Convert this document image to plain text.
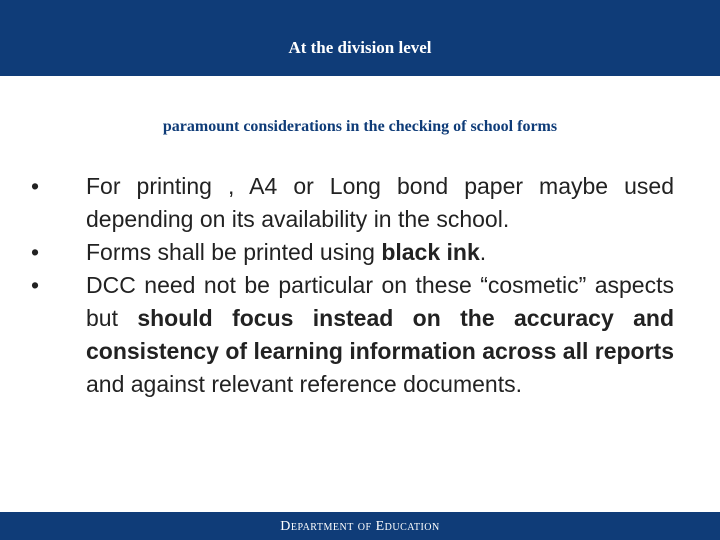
At the division level
paramount considerations in the checking of school forms
• For printing , A4 or Long bond paper maybe used depending on its availability in the school.
• Forms shall be printed using black ink.
• DCC need not be particular on these “cosmetic” aspects but should focus instead on the accuracy and consistency of learning information across all reports and against relevant reference documents.
Department of Education
